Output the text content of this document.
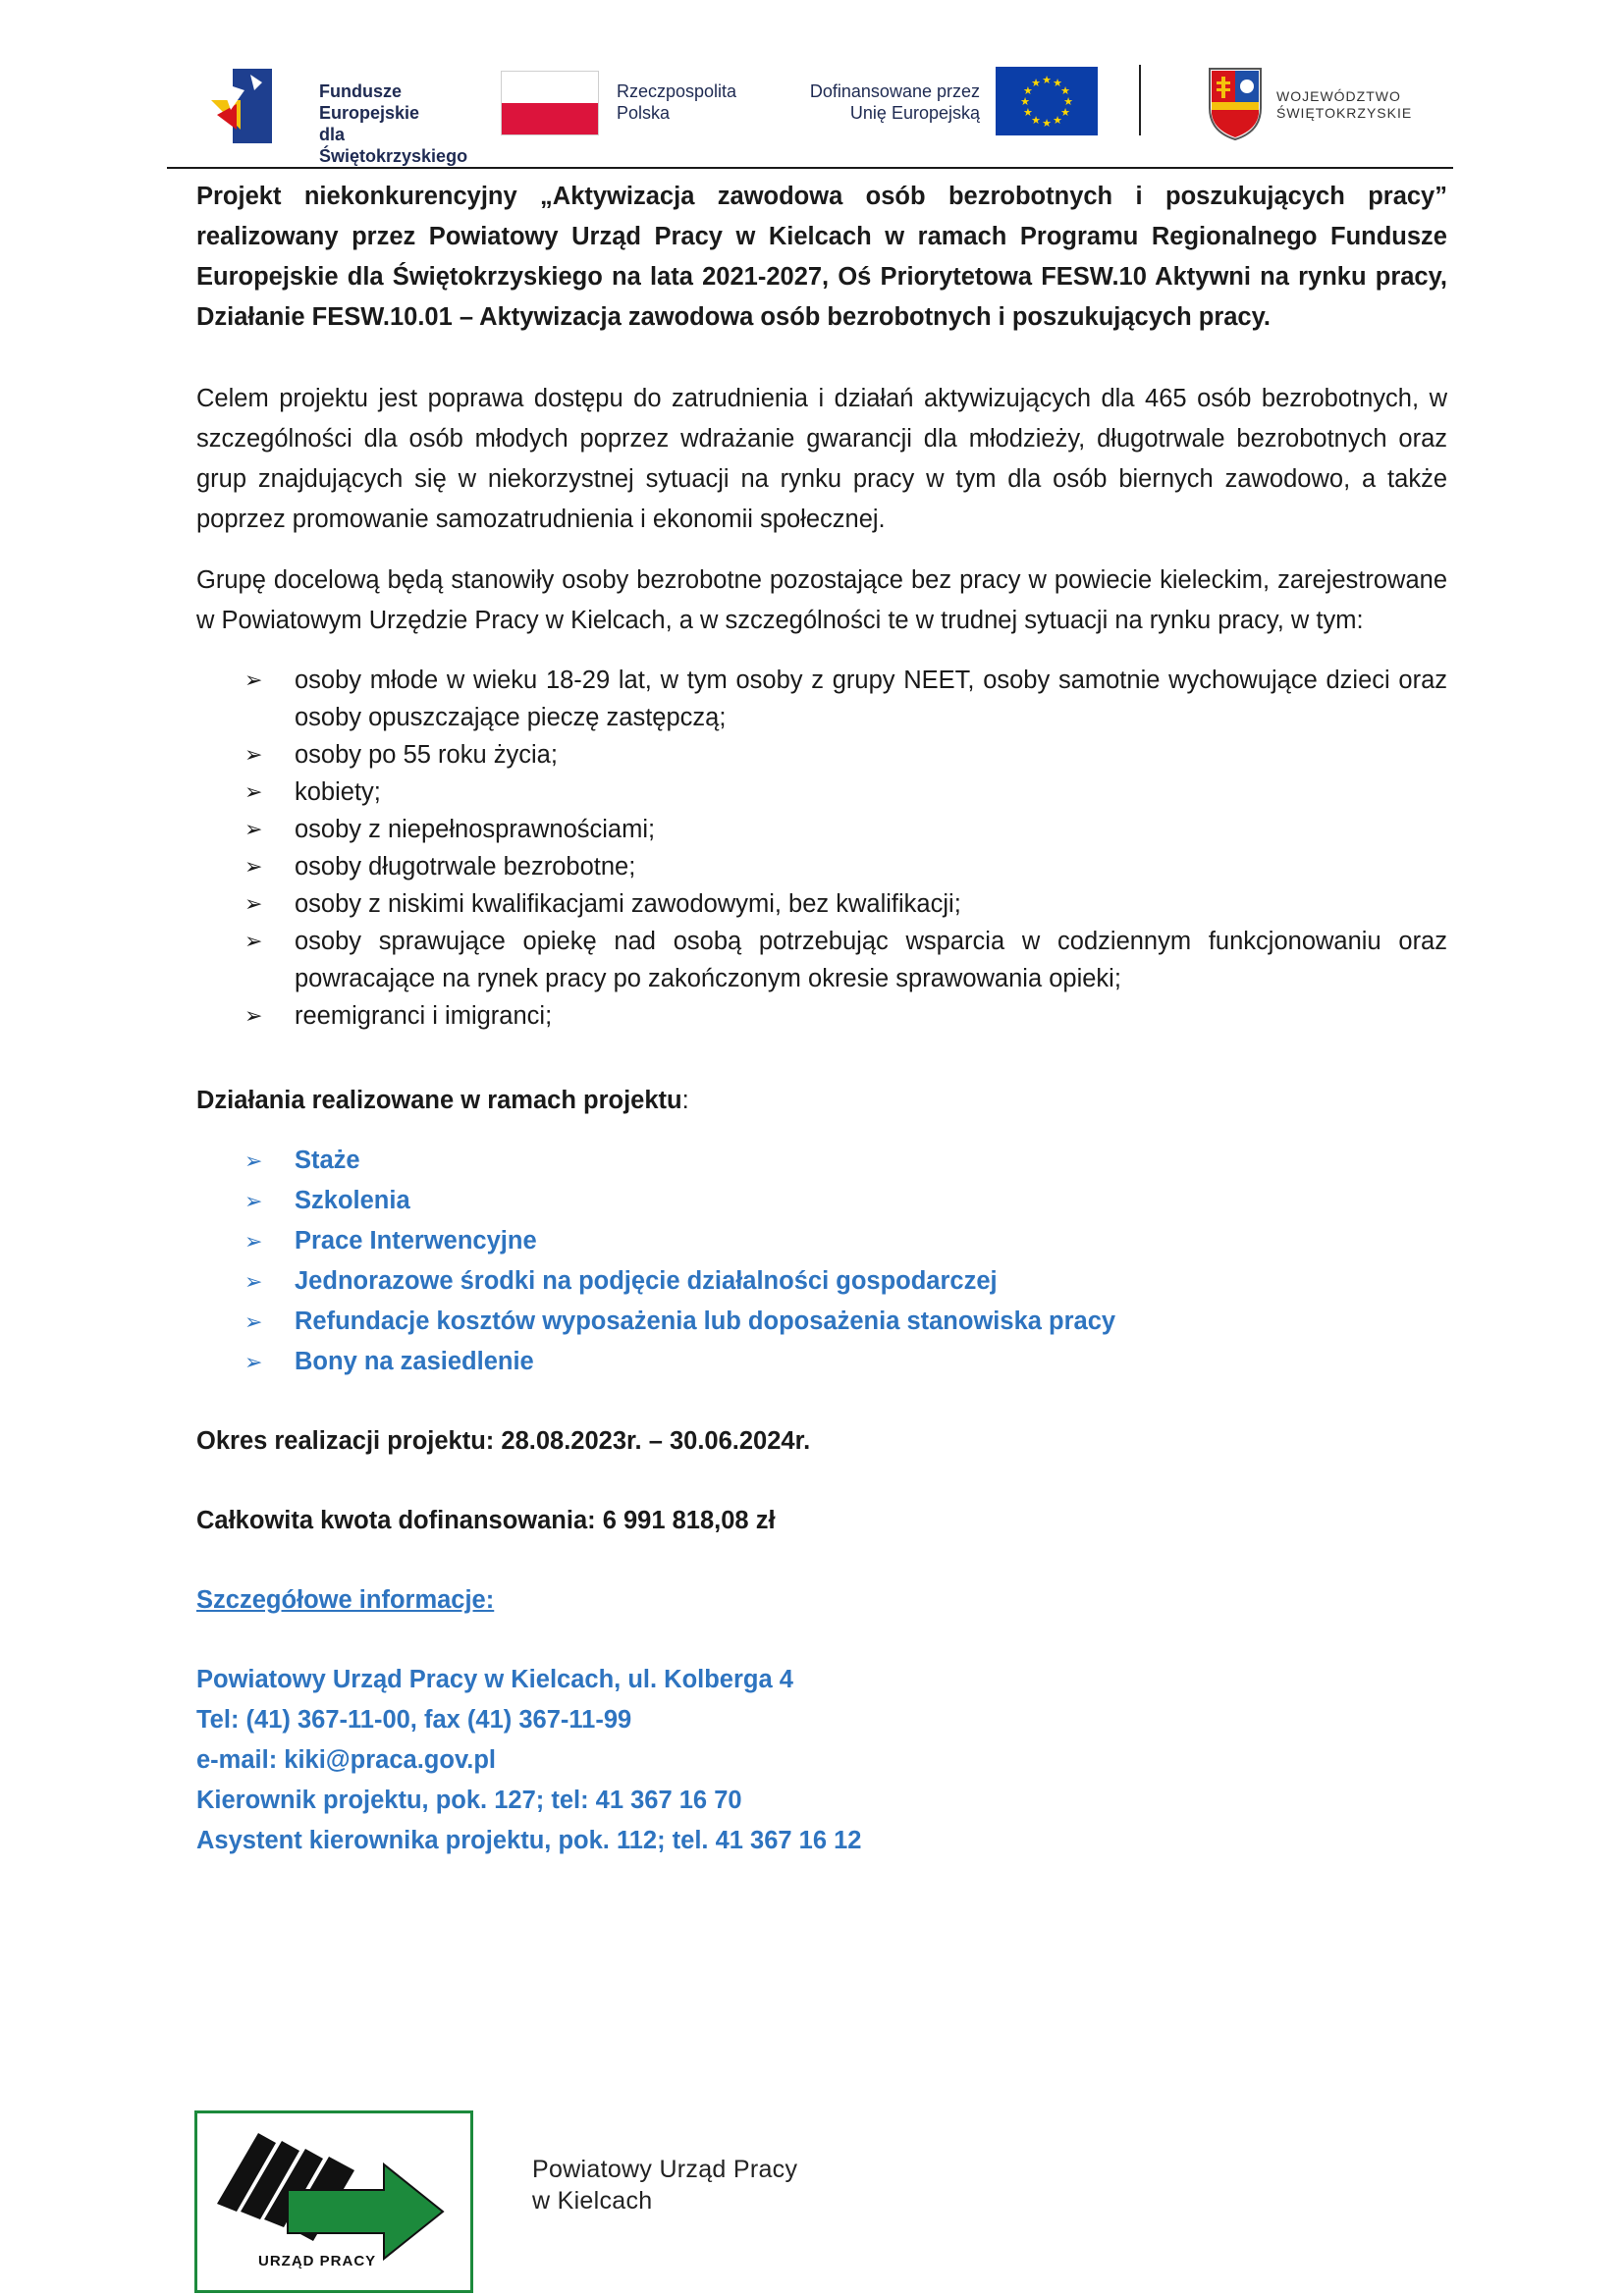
Fundusze Europejskie
dla Świętokrzyskiego
Rzeczpospolita
Polska
Dofinansowane przez
Unię Europejską
★ ★
★
★
★
★
★
★
★
★
★
★
WOJEWÓDZTWO
ŚWIĘTOKRZYSKIE

Projekt niekonkurencyjny „Aktywizacja zawodowa osób bezrobotnych i poszukujących pracy” realizowany przez Powiatowy Urząd Pracy w Kielcach w ramach Programu Regionalnego Fundusze Europejskie dla Świętokrzyskiego na lata 2021-2027, Oś Priorytetowa FESW.10 Aktywni na rynku pracy, Działanie FESW.10.01 – Aktywizacja zawodowa osób bezrobotnych i poszukujących pracy.

Celem projektu jest poprawa dostępu do zatrudnienia i działań aktywizujących dla 465 osób bezrobotnych, w szczególności dla osób młodych poprzez wdrażanie gwarancji dla młodzieży, długotrwale bezrobotnych oraz grup znajdujących się w niekorzystnej sytuacji na rynku pracy w tym dla osób biernych zawodowo, a także poprzez promowanie samozatrudnienia i ekonomii społecznej.

Grupę docelową będą stanowiły osoby bezrobotne pozostające bez pracy w powiecie kieleckim, zarejestrowane w Powiatowym Urzędzie Pracy w Kielcach, a w szczególności te w trudnej sytuacji na rynku pracy, w tym:

➢ osoby młode w wieku 18-29 lat, w tym osoby z grupy NEET, osoby samotnie wychowujące dzieci oraz osoby opuszczające pieczę zastępczą;
➢ osoby po 55 roku życia;
➢ kobiety;
➢ osoby z niepełnosprawnościami;
➢ osoby długotrwale bezrobotne;
➢ osoby z niskimi kwalifikacjami zawodowymi, bez kwalifikacji;
➢ osoby sprawujące opiekę nad osobą potrzebując wsparcia w codziennym funkcjonowaniu oraz powracające na rynek pracy po zakończonym okresie sprawowania opieki;
➢ reemigranci i imigranci;

Działania realizowane w ramach projektu:

➢ Staże
➢ Szkolenia
➢ Prace Interwencyjne
➢ Jednorazowe środki na podjęcie działalności gospodarczej
➢ Refundacje kosztów wyposażenia lub doposażenia stanowiska pracy
➢ Bony na zasiedlenie

Okres realizacji projektu: 28.08.2023r. – 30.06.2024r.

Całkowita kwota dofinansowania: 6 991 818,08 zł

Szczegółowe informacje:
Powiatowy Urząd Pracy w Kielcach, ul. Kolberga 4
Tel: (41) 367-11-00, fax (41) 367-11-99
e-mail: kiki@praca.gov.pl
Kierownik projektu, pok. 127; tel: 41 367 16 70
Asystent kierownika projektu, pok. 112; tel. 41 367 16 12
URZĄD PRACY
Powiatowy Urząd Pracy
w Kielcach
